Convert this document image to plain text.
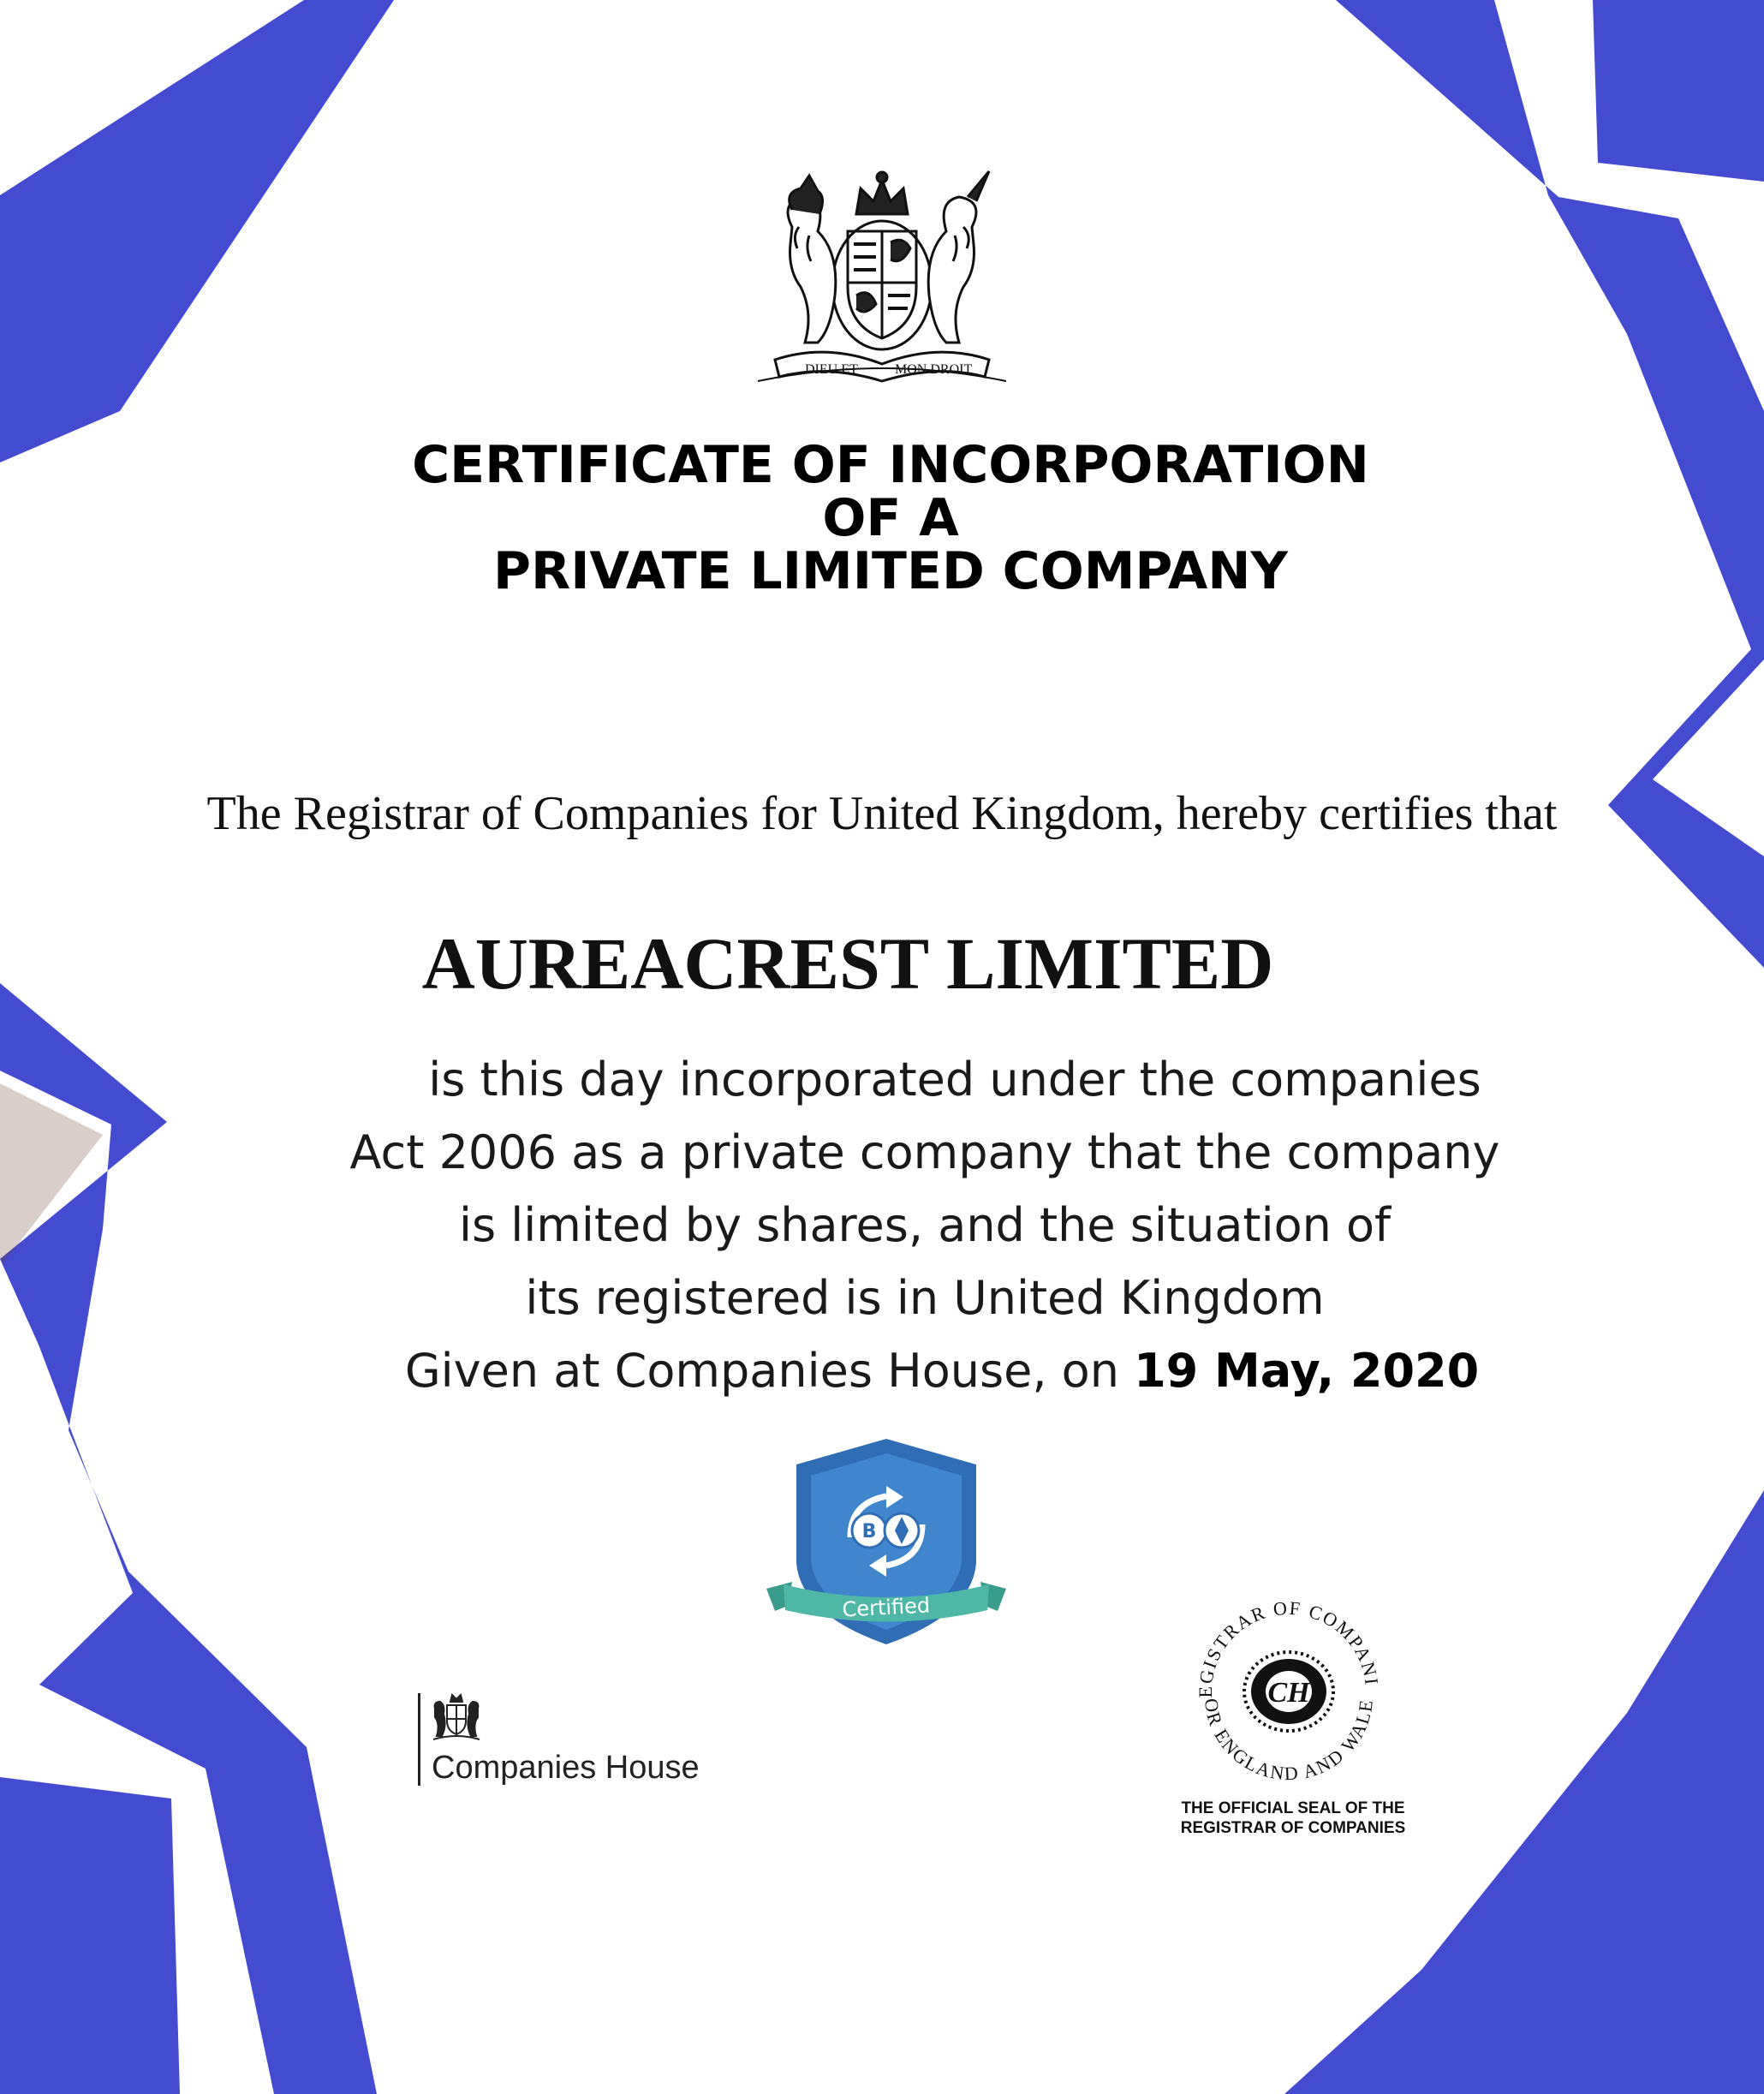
DIEU ET	MON DROIT
CERTIFICATE OF INCORPORATION
OF A
PRIVATE LIMITED COMPANY
The Registrar of Companies for United Kingdom, hereby certifies that
AUREACREST LIMITED
is this day incorporated under the companies
Act 2006 as a private company that the company
is limited by shares, and the situation of
its registered is in United Kingdom
Given at Companies House, on 19 May, 2020
B
Certified
Companies House
EGISTRAR OF COMPANI
OR ENGLAND AND WALE
CH
THE OFFICIAL SEAL OF THE
REGISTRAR OF COMPANIES
